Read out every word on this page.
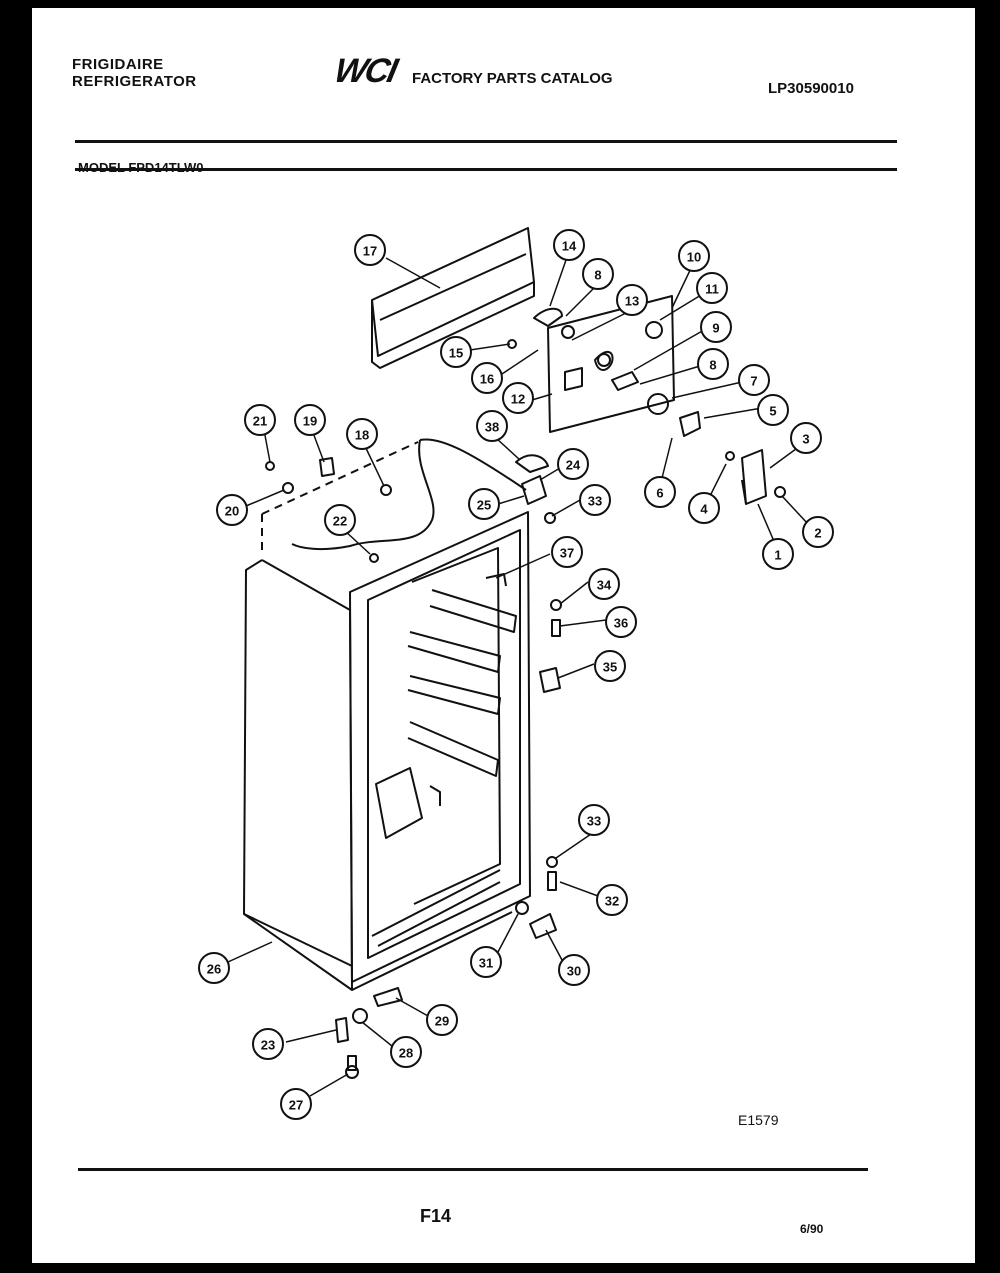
FRIGIDAIRE
REFRIGERATOR	WCI FACTORY PARTS CATALOG
LP30590010
MODEL FPD14TLW0
17	14
8
13
10
11
15
16
12
9
8
7
5
6
38
24
25	33
3
4
2
1
21	19
18
20
22
37
34
36
35
33
32
31
30
26
29
23
28
27
E1579
F14
6/90
